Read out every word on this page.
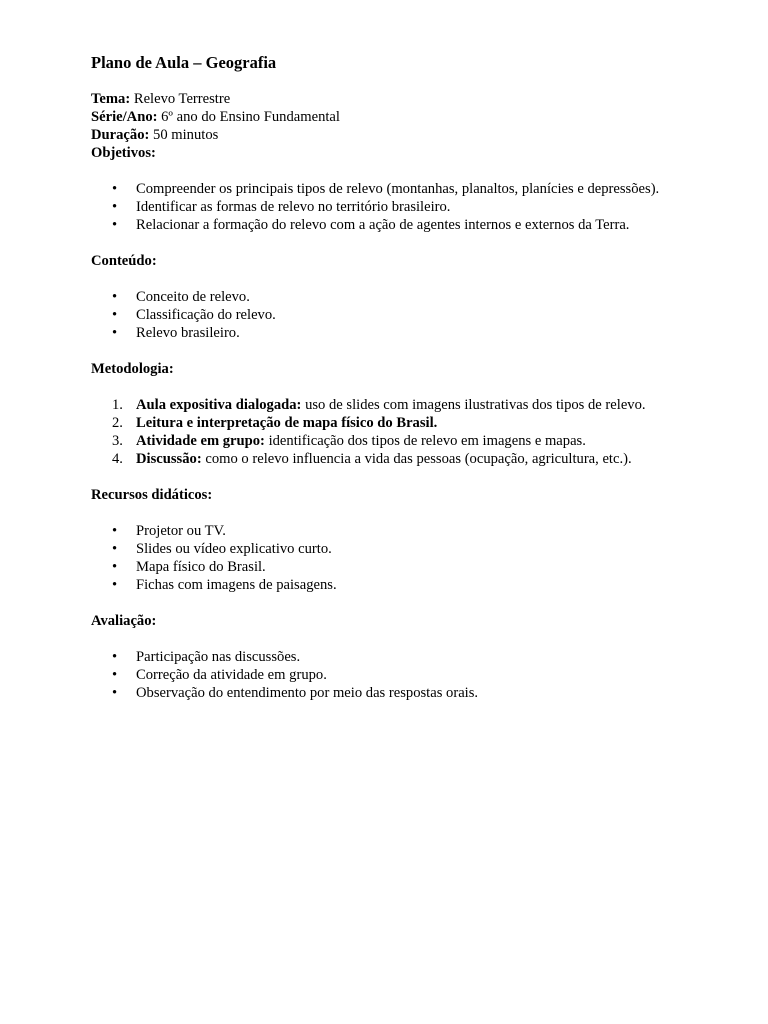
Plano de Aula – Geografia

Tema: Relevo Terrestre

Série/Ano: 6º ano do Ensino Fundamental

Duração: 50 minutos

Objetivos:
• Compreender os principais tipos de relevo (montanhas, planaltos, planícies e depressões).
• Identificar as formas de relevo no território brasileiro.
• Relacionar a formação do relevo com a ação de agentes internos e externos da Terra.
Conteúdo:
• Conceito de relevo.
• Classificação do relevo.
• Relevo brasileiro.
Metodologia:
1. Aula expositiva dialogada: uso de slides com imagens ilustrativas dos tipos de relevo.
2. Leitura e interpretação de mapa físico do Brasil.
3. Atividade em grupo: identificação dos tipos de relevo em imagens e mapas.
4. Discussão: como o relevo influencia a vida das pessoas (ocupação, agricultura, etc.).
Recursos didáticos:
• Projetor ou TV.
• Slides ou vídeo explicativo curto.
• Mapa físico do Brasil.
• Fichas com imagens de paisagens.
Avaliação:
• Participação nas discussões.
• Correção da atividade em grupo.
• Observação do entendimento por meio das respostas orais.
